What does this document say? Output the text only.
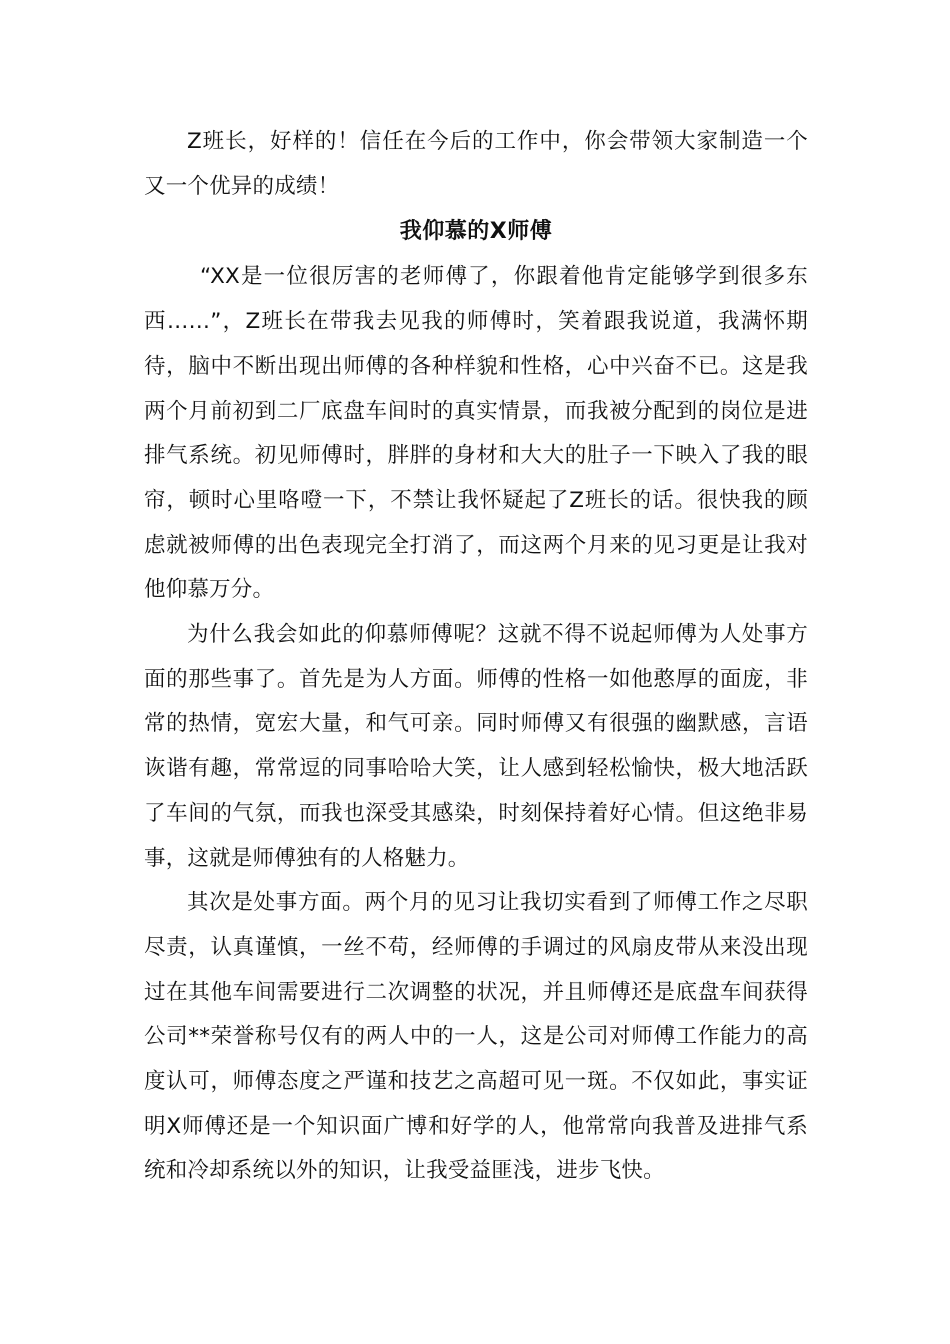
Z班长，好样的！信任在今后的工作中，你会带领大家制造一个又一个优异的成绩！

我仰慕的X师傅

“XX是一位很厉害的老师傅了，你跟着他肯定能够学到很多东西……”，Z班长在带我去见我的师傅时，笑着跟我说道，我满怀期待，脑中不断出现出师傅的各种样貌和性格，心中兴奋不已。这是我两个月前初到二厂底盘车间时的真实情景，而我被分配到的岗位是进排气系统。初见师傅时，胖胖的身材和大大的肚子一下映入了我的眼帘，顿时心里咯噔一下，不禁让我怀疑起了Z班长的话。很快我的顾虑就被师傅的出色表现完全打消了，而这两个月来的见习更是让我对他仰慕万分。

为什么我会如此的仰慕师傅呢？这就不得不说起师傅为人处事方面的那些事了。首先是为人方面。师傅的性格一如他憨厚的面庞，非常的热情，宽宏大量，和气可亲。同时师傅又有很强的幽默感，言语诙谐有趣，常常逗的同事哈哈大笑，让人感到轻松愉快，极大地活跃了车间的气氛，而我也深受其感染，时刻保持着好心情。但这绝非易事，这就是师傅独有的人格魅力。

其次是处事方面。两个月的见习让我切实看到了师傅工作之尽职尽责，认真谨慎，一丝不苟，经师傅的手调过的风扇皮带从来没出现过在其他车间需要进行二次调整的状况，并且师傅还是底盘车间获得公司**荣誉称号仅有的两人中的一人，这是公司对师傅工作能力的高度认可，师傅态度之严谨和技艺之高超可见一斑。不仅如此，事实证明X师傅还是一个知识面广博和好学的人，他常常向我普及进排气系统和冷却系统以外的知识，让我受益匪浅，进步飞快。
